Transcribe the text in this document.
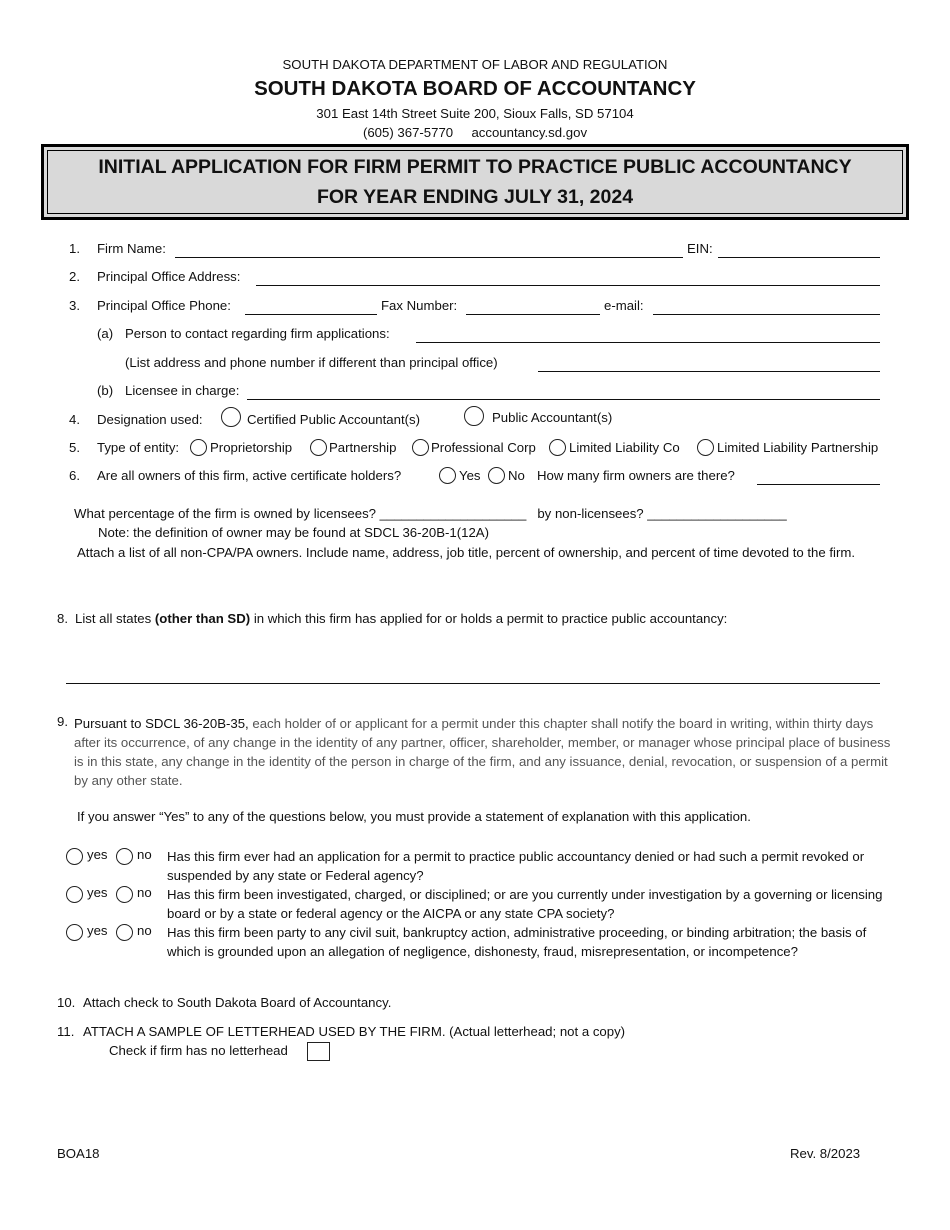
SOUTH DAKOTA DEPARTMENT OF LABOR AND REGULATION
SOUTH DAKOTA BOARD OF ACCOUNTANCY
301 East 14th Street Suite 200, Sioux Falls, SD 57104
(605) 367-5770     accountancy.sd.gov
INITIAL APPLICATION FOR FIRM PERMIT TO PRACTICE PUBLIC ACCOUNTANCY
FOR YEAR ENDING JULY 31, 2024
1. Firm Name:	EIN:
2. Principal Office Address:
3. Principal Office Phone:	Fax Number:	e-mail:
(a) Person to contact regarding firm applications:
(List address and phone number if different than principal office)
(b) Licensee in charge:
4. Designation used:	Certified Public Accountant(s)	Public Accountant(s)
5. Type of entity: Proprietorship	Partnership	Professional Corp	Limited Liability Co	Limited Liability Partnership
6. Are all owners of this firm, active certificate holders?	Yes No How many firm owners are there?
What percentage of the firm is owned by licensees? ____________________   by non-licensees? ___________________
Note: the definition of owner may be found at SDCL 36-20B-1(12A)
Attach a list of all non-CPA/PA owners. Include name, address, job title, percent of ownership, and percent of time devoted to the firm.
8. List all states (other than SD) in which this firm has applied for or holds a permit to practice public accountancy:
9. Pursuant to SDCL 36-20B-35, each holder of or applicant for a permit under this chapter shall notify the board in writing, within thirty days after its occurrence, of any change in the identity of any partner, officer, shareholder, member, or manager whose principal place of business is in this state, any change in the identity of the person in charge of the firm, and any issuance, denial, revocation, or suspension of a permit by any other state.
If you answer “Yes” to any of the questions below, you must provide a statement of explanation with this application.
yes no Has this firm ever had an application for a permit to practice public accountancy denied or had such a permit revoked or suspended by any state or Federal agency?
yes no Has this firm been investigated, charged, or disciplined; or are you currently under investigation by a governing or licensing board or by a state or federal agency or the AICPA or any state CPA society?
yes no Has this firm been party to any civil suit, bankruptcy action, administrative proceeding, or binding arbitration; the basis of which is grounded upon an allegation of negligence, dishonesty, fraud, misrepresentation, or incompetence?
10. Attach check to South Dakota Board of Accountancy.
11. ATTACH A SAMPLE OF LETTERHEAD USED BY THE FIRM. (Actual letterhead; not a copy)
Check if firm has no letterhead
BOA18	Rev. 8/2023
